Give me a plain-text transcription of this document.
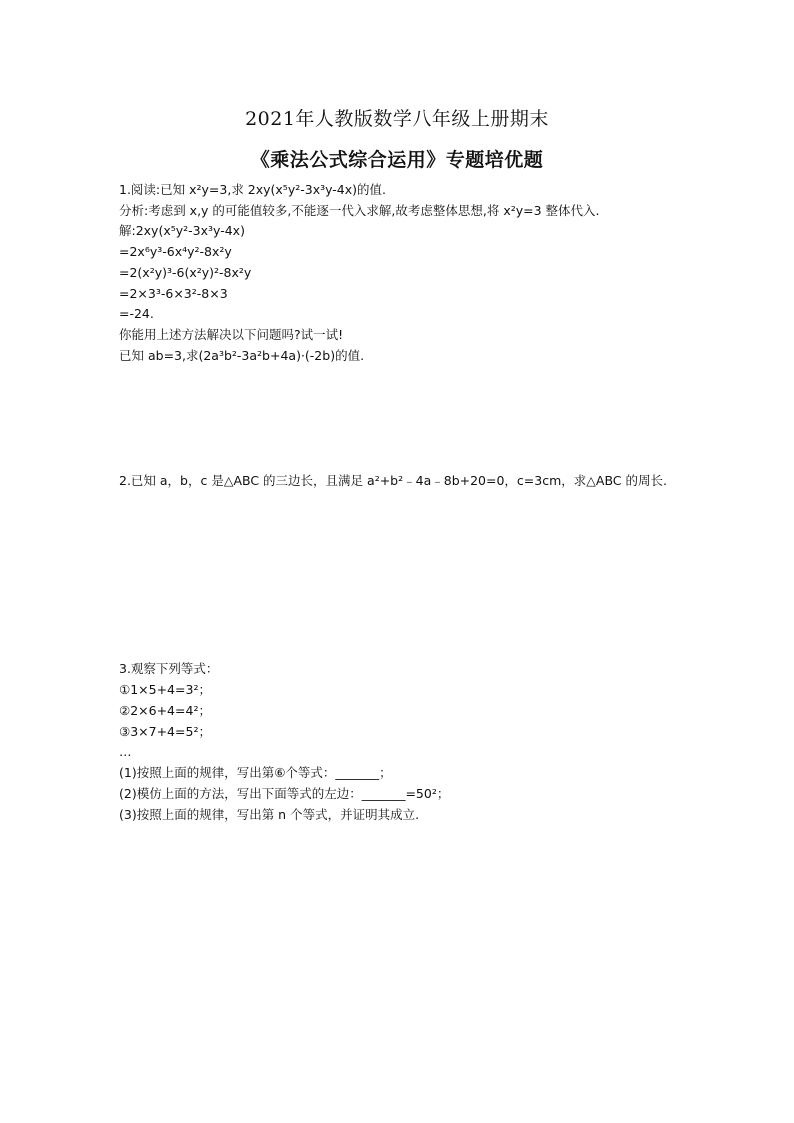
2021年人教版数学八年级上册期末
《乘法公式综合运用》专题培优题
1.阅读:已知 x²y=3,求 2xy(x⁵y²-3x³y-4x)的值.
分析:考虑到 x,y 的可能值较多,不能逐一代入求解,故考虑整体思想,将 x²y=3 整体代入.
解:2xy(x⁵y²-3x³y-4x)
=2x⁶y³-6x⁴y²-8x²y
=2(x²y)³-6(x²y)²-8x²y
=2×3³-6×3²-8×3
=-24.
你能用上述方法解决以下问题吗?试一试!
已知 ab=3,求(2a³b²-3a²b+4a)·(-2b)的值.
2.已知 a，b，c 是△ABC 的三边长，且满足 a²+b²﹣4a﹣8b+20=0，c=3cm，求△ABC 的周长.
3.观察下列等式：
①1×5+4=3²；
②2×6+4=4²；
③3×7+4=5²；
…
(1)按照上面的规律，写出第⑥个等式：_______；
(2)模仿上面的方法，写出下面等式的左边：_______=50²；
(3)按照上面的规律，写出第 n 个等式，并证明其成立.
